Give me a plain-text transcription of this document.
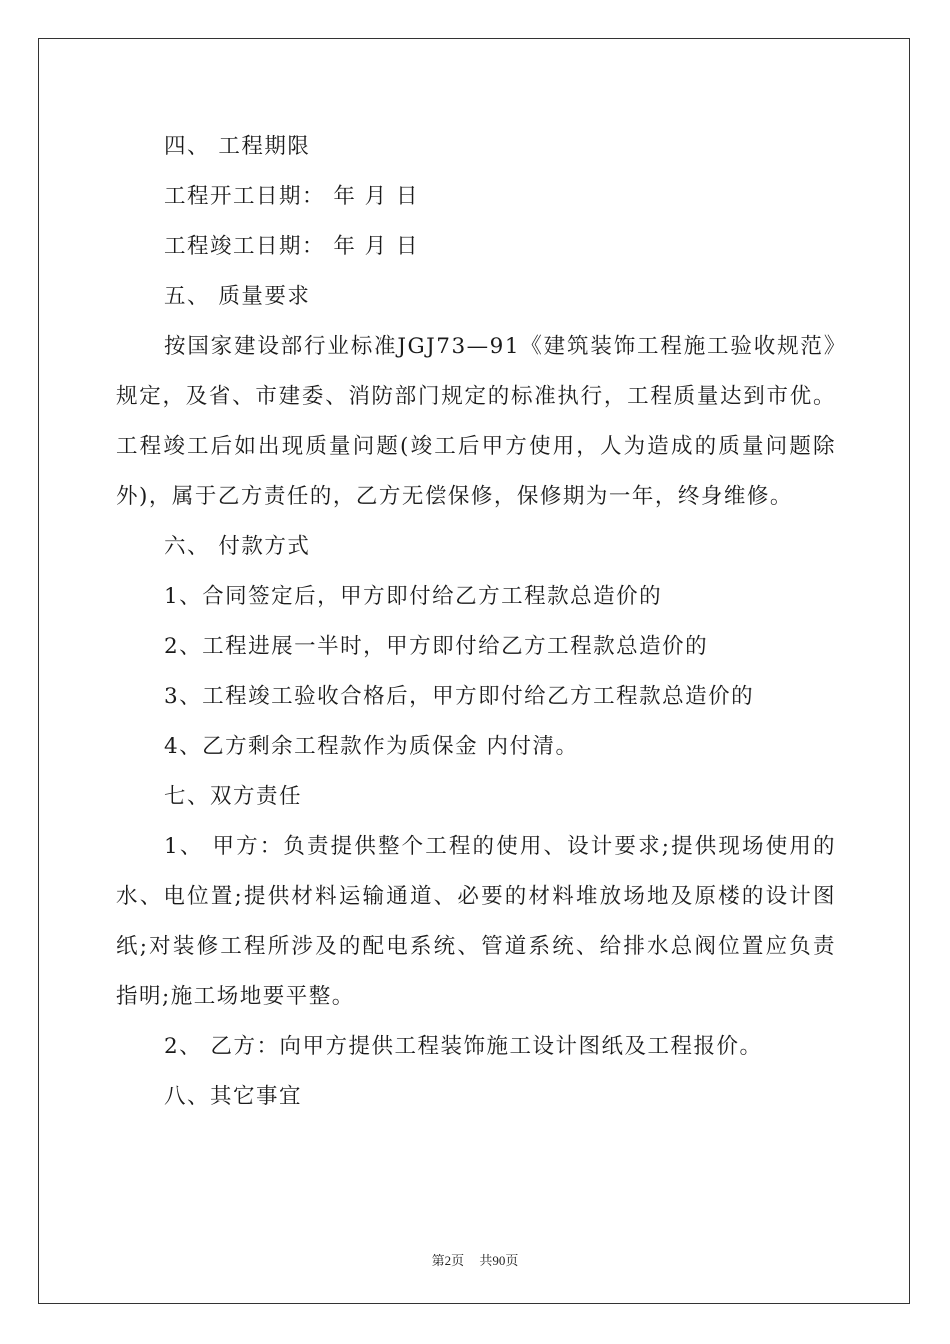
四、 工程期限
工程开工日期： 年 月 日
工程竣工日期： 年 月 日
五、 质量要求

按国家建设部行业标准JGJ73—91《建筑装饰工程施工验收规范》规定，及省、市建委、消防部门规定的标准执行，工程质量达到市优。工程竣工后如出现质量问题(竣工后甲方使用，人为造成的质量问题除外)，属于乙方责任的，乙方无偿保修，保修期为一年，终身维修。

六、 付款方式
1、合同签定后，甲方即付给乙方工程款总造价的
2、工程进展一半时，甲方即付给乙方工程款总造价的
3、工程竣工验收合格后，甲方即付给乙方工程款总造价的
4、乙方剩余工程款作为质保金 内付清。
七、双方责任

1、 甲方：负责提供整个工程的使用、设计要求;提供现场使用的水、电位置;提供材料运输通道、必要的材料堆放场地及原楼的设计图纸;对装修工程所涉及的配电系统、管道系统、给排水总阀位置应负责指明;施工场地要平整。

2、 乙方：向甲方提供工程装饰施工设计图纸及工程报价。
八、其它事宜
第2页 共90页
